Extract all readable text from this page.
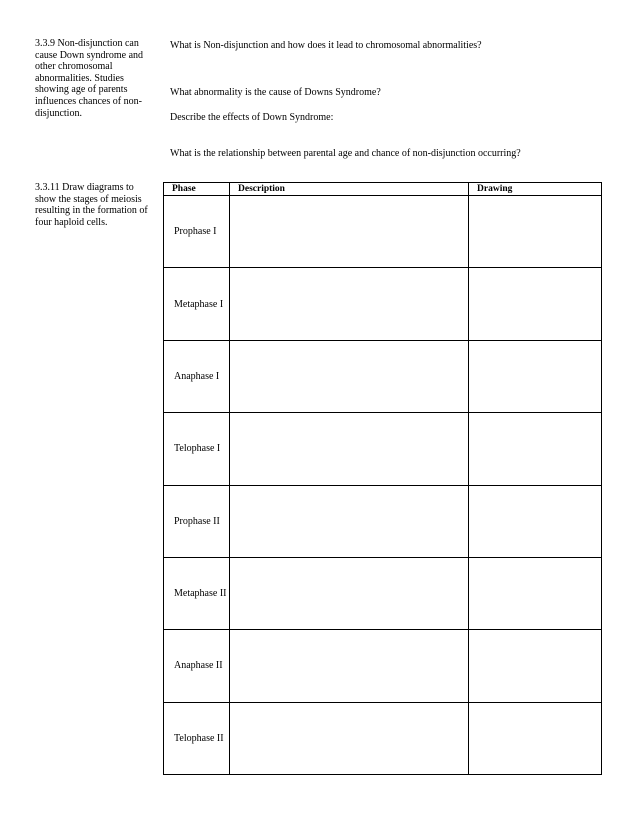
3.3.9 Non-disjunction can cause Down syndrome and other chromosomal abnormalities. Studies showing age of parents influences chances of non-disjunction.
3.3.11 Draw diagrams to show the stages of meiosis resulting in the formation of four haploid cells.
What is Non-disjunction and how does it lead to chromosomal abnormalities?
What abnormality is the cause of Downs Syndrome?
Describe the effects of Down Syndrome:
What is the relationship between parental age and chance of non-disjunction occurring?
Phase	Description	Drawing
Prophase I		
Metaphase I		
Anaphase I		
Telophase I		
Prophase II		
Metaphase II		
Anaphase II		
Telophase II		
